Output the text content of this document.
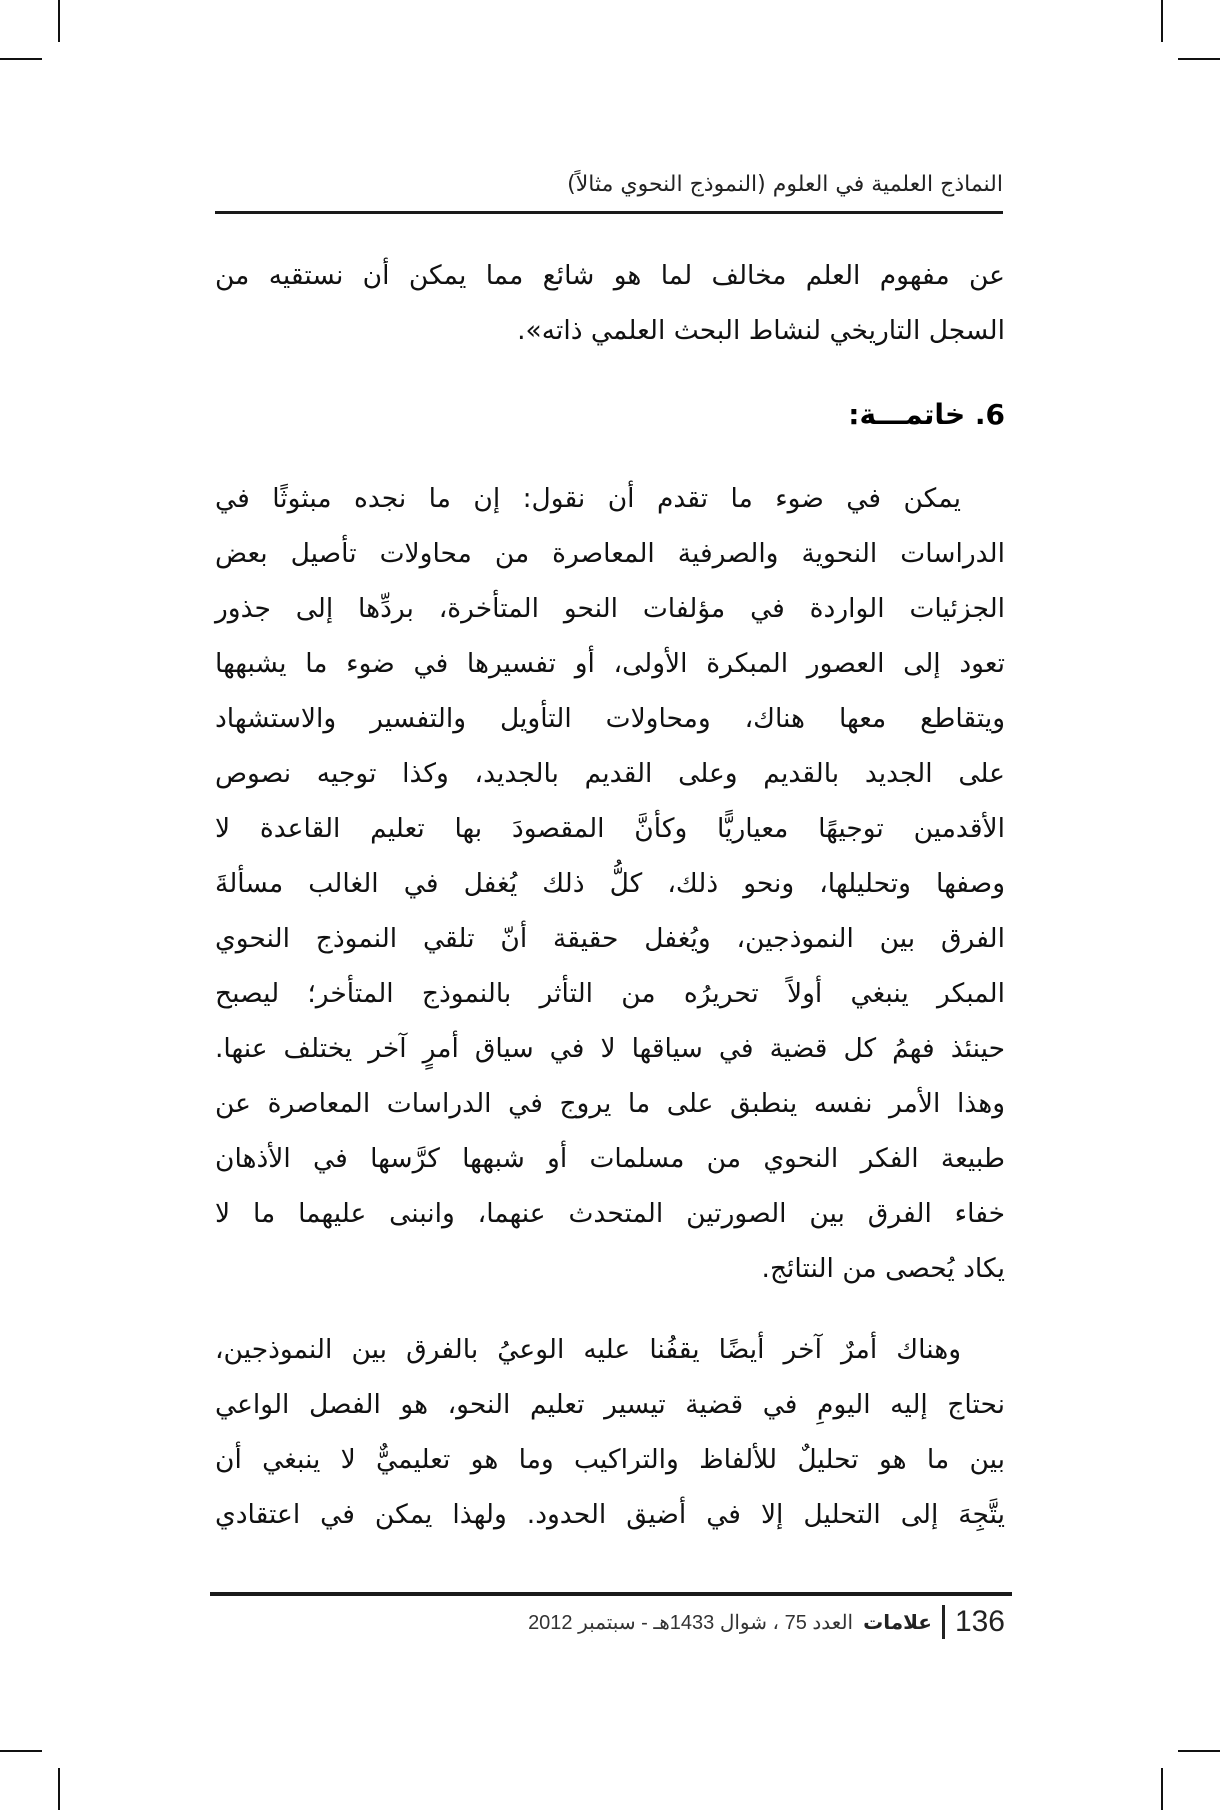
النماذج العلمية في العلوم (النموذج النحوي مثالاً)
عن مفهوم العلم مخالف لما هو شائع مما يمكن أن نستقيه من
السجل التاريخي لنشاط البحث العلمي ذاته».
6. خاتمـــة:
يمكن في ضوء ما تقدم أن نقول: إن ما نجده مبثوثًا في
الدراسات النحوية والصرفية المعاصرة من محاولات تأصيل بعض
الجزئيات الواردة في مؤلفات النحو المتأخرة، بردِّها إلى جذور
تعود إلى العصور المبكرة الأولى، أو تفسيرها في ضوء ما يشبهها
ويتقاطع معها هناك، ومحاولات التأويل والتفسير والاستشهاد
على الجديد بالقديم وعلى القديم بالجديد، وكذا توجيه نصوص
الأقدمين توجيهًا معياريًّا وكأنَّ المقصودَ بها تعليم القاعدة لا
وصفها وتحليلها، ونحو ذلك، كلُّ ذلك يُغفل في الغالب مسألةَ
الفرق بين النموذجين، ويُغفل حقيقة أنّ تلقي النموذج النحوي
المبكر ينبغي أولاً تحريرُه من التأثر بالنموذج المتأخر؛ ليصبح
حينئذ فهمُ كل قضية في سياقها لا في سياق أمرٍ آخر يختلف عنها.
وهذا الأمر نفسه ينطبق على ما يروج في الدراسات المعاصرة عن
طبيعة الفكر النحوي من مسلمات أو شبهها كرَّسها في الأذهان
خفاء الفرق بين الصورتين المتحدث عنهما، وانبنى عليهما ما لا
يكاد يُحصى من النتائج.
وهناك أمرٌ آخر أيضًا يقفُنا عليه الوعيُ بالفرق بين النموذجين،
نحتاج إليه اليومِ في قضية تيسير تعليم النحو، هو الفصل الواعي
بين ما هو تحليلٌ للألفاظ والتراكيب وما هو تعليميٌّ لا ينبغي أن
يتَّجِهَ إلى التحليل إلا في أضيق الحدود. ولهذا يمكن في اعتقادي
136
علامات
العدد 75 ، شوال 1433هـ - سبتمبر 2012
